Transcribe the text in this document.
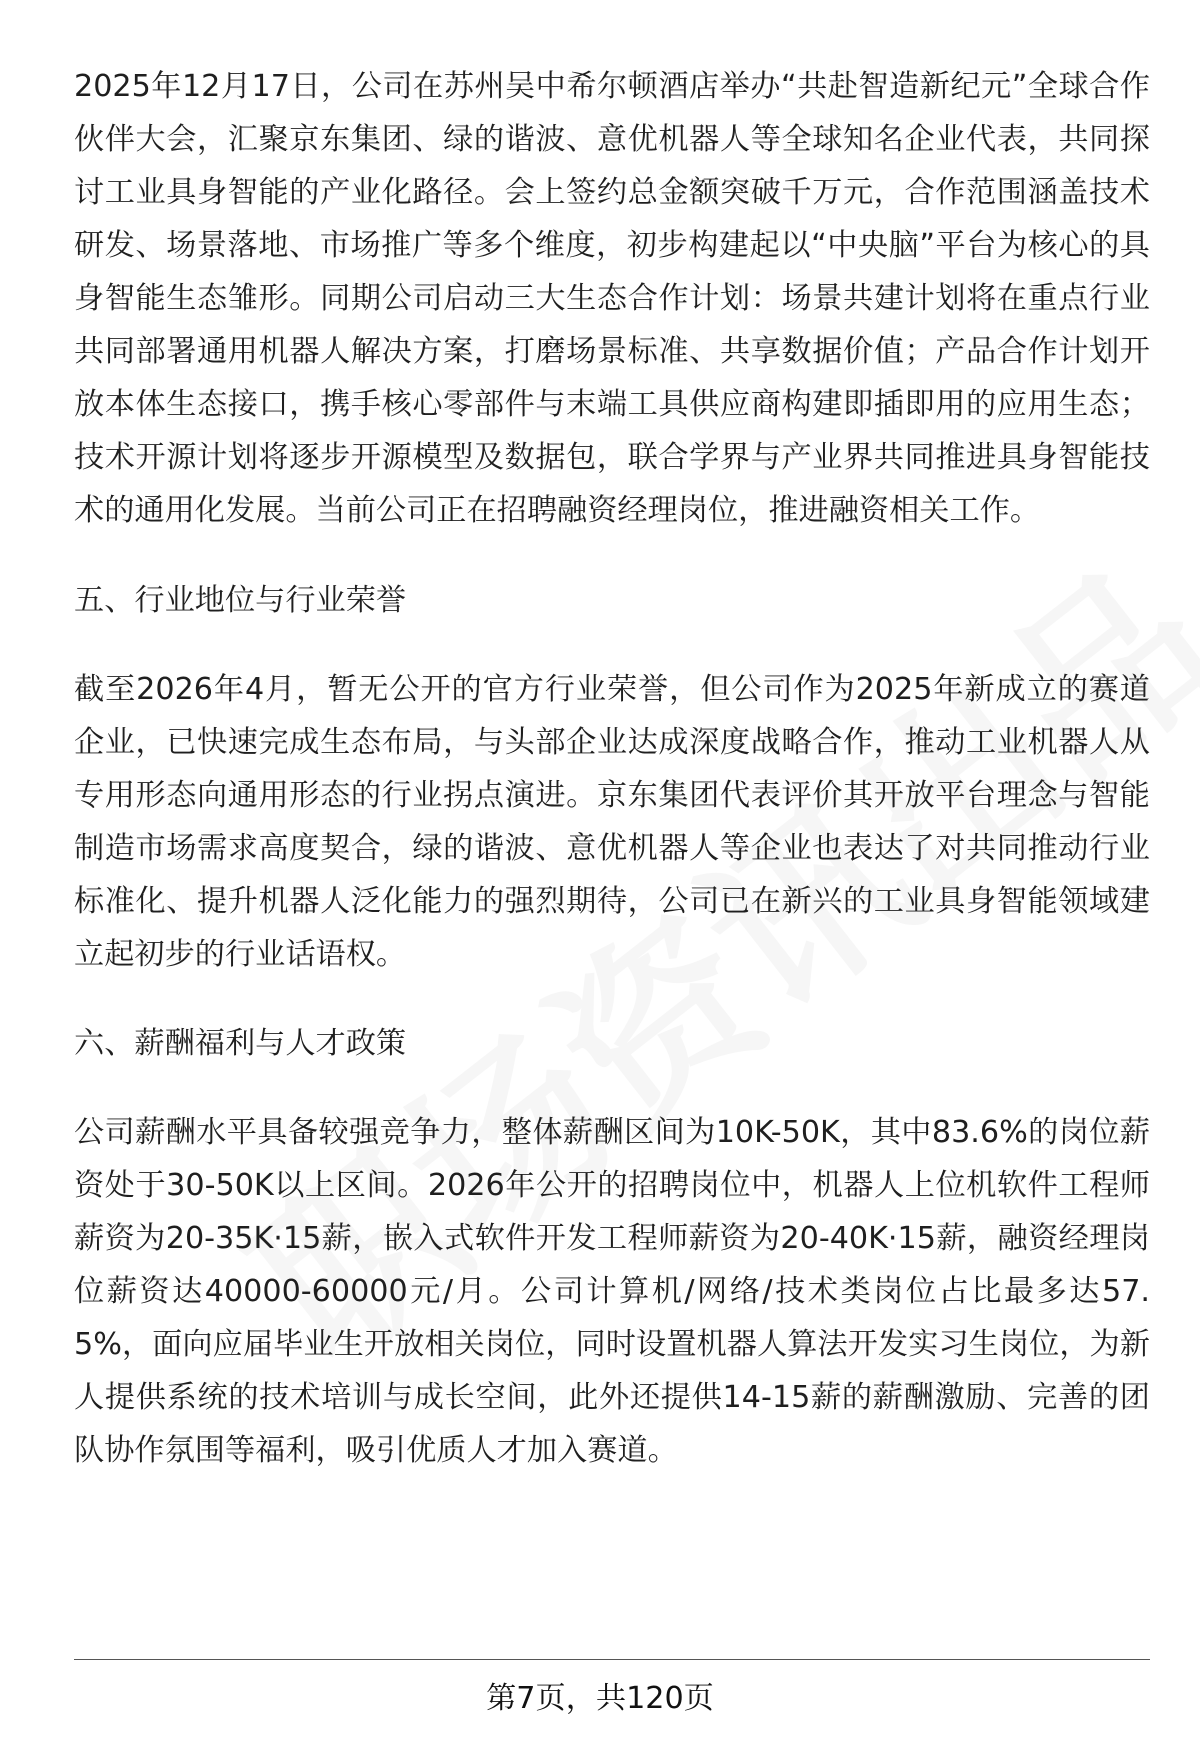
2025年12月17日，公司在苏州吴中希尔顿酒店举办“共赴智造新纪元”全球合作伙伴大会，汇聚京东集团、绿的谐波、意优机器人等全球知名企业代表，共同探讨工业具身智能的产业化路径。会上签约总金额突破千万元，合作范围涵盖技术研发、场景落地、市场推广等多个维度，初步构建起以“中央脑”平台为核心的具身智能生态雏形。同期公司启动三大生态合作计划：场景共建计划将在重点行业共同部署通用机器人解决方案，打磨场景标准、共享数据价值；产品合作计划开放本体生态接口，携手核心零部件与末端工具供应商构建即插即用的应用生态；技术开源计划将逐步开源模型及数据包，联合学界与产业界共同推进具身智能技术的通用化发展。当前公司正在招聘融资经理岗位，推进融资相关工作。

五、行业地位与行业荣誉

截至2026年4月，暂无公开的官方行业荣誉，但公司作为2025年新成立的赛道企业，已快速完成生态布局，与头部企业达成深度战略合作，推动工业机器人从专用形态向通用形态的行业拐点演进。京东集团代表评价其开放平台理念与智能制造市场需求高度契合，绿的谐波、意优机器人等企业也表达了对共同推动行业标准化、提升机器人泛化能力的强烈期待，公司已在新兴的工业具身智能领域建立起初步的行业话语权。

六、薪酬福利与人才政策

公司薪酬水平具备较强竞争力，整体薪酬区间为10K-50K，其中83.6%的岗位薪资处于30-50K以上区间。2026年公开的招聘岗位中，机器人上位机软件工程师薪资为20-35K·15薪，嵌入式软件开发工程师薪资为20-40K·15薪，融资经理岗位薪资达40000-60000元/月。公司计算机/网络/技术类岗位占比最多达57.5%，面向应届毕业生开放相关岗位，同时设置机器人算法开发实习生岗位，为新人提供系统的技术培训与成长空间，此外还提供14-15薪的薪酬激励、完善的团队协作氛围等福利，吸引优质人才加入赛道。

第7页，共120页
